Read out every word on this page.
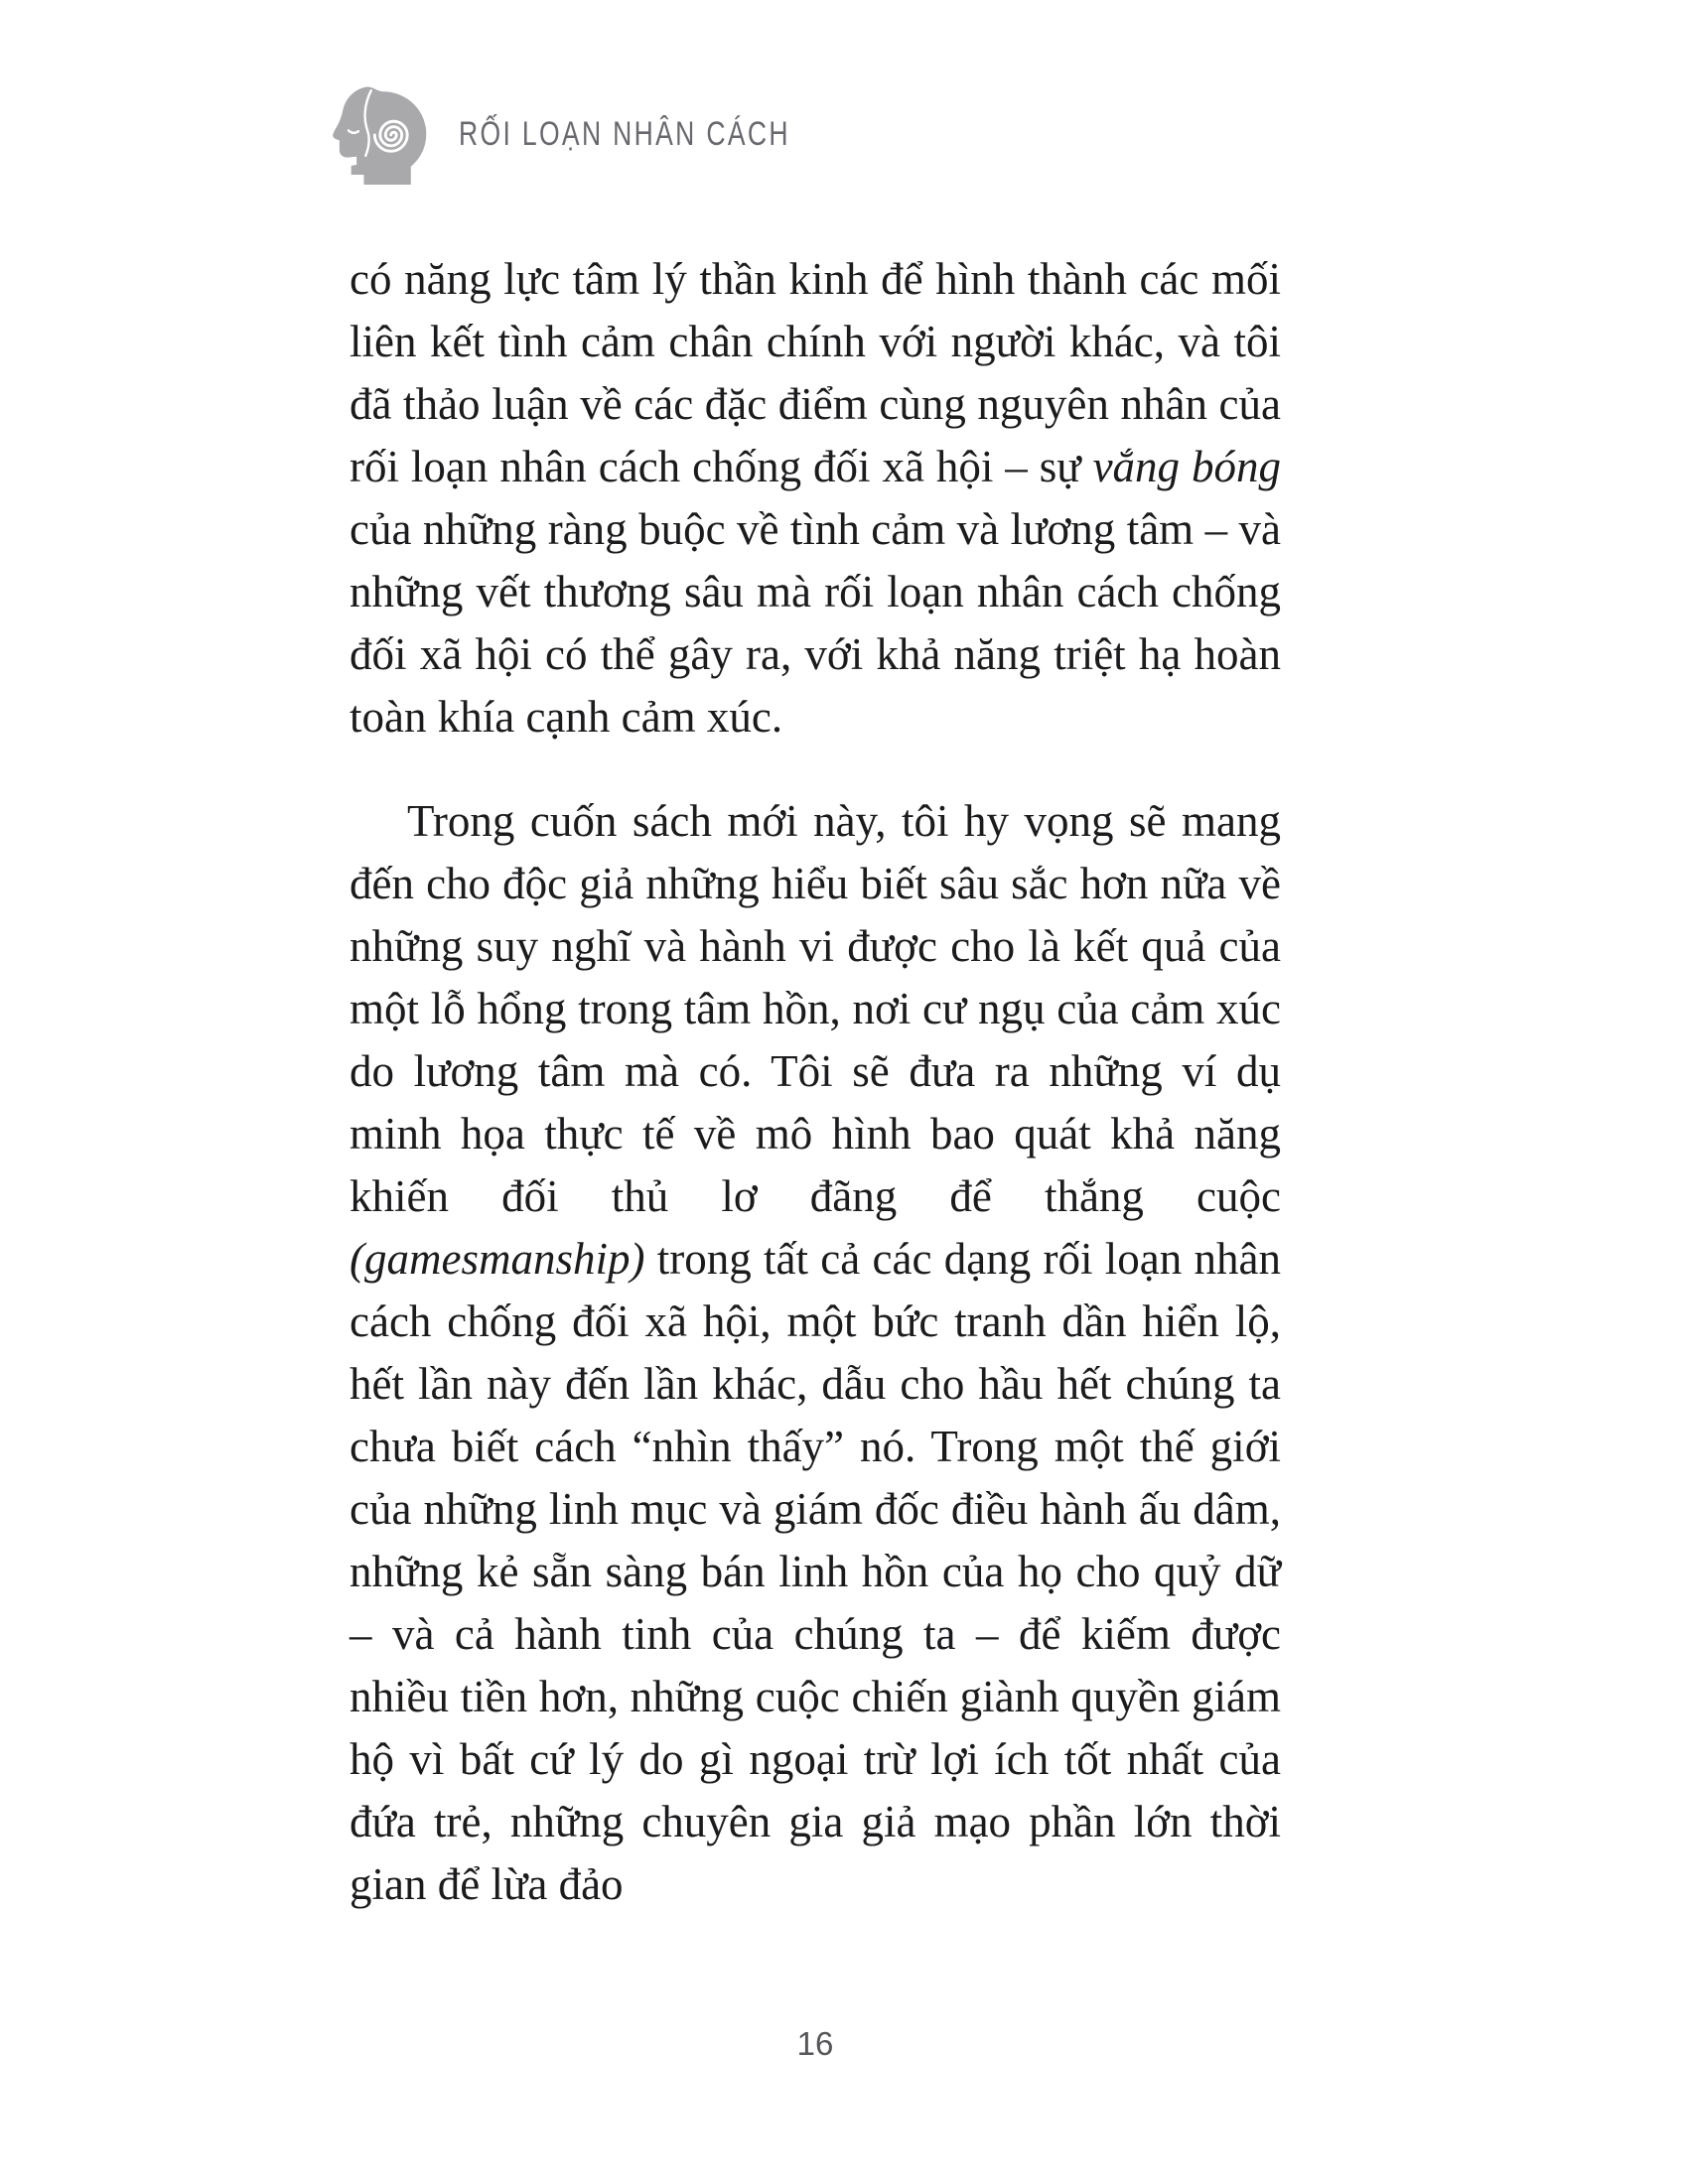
RỐI LOẠN NHÂN CÁCH

có năng lực tâm lý thần kinh để hình thành các mối liên kết tình cảm chân chính với người khác, và tôi đã thảo luận về các đặc điểm cùng nguyên nhân của rối loạn nhân cách chống đối xã hội – sự vắng bóng của những ràng buộc về tình cảm và lương tâm – và những vết thương sâu mà rối loạn nhân cách chống đối xã hội có thể gây ra, với khả năng triệt hạ hoàn toàn khía cạnh cảm xúc.

Trong cuốn sách mới này, tôi hy vọng sẽ mang đến cho độc giả những hiểu biết sâu sắc hơn nữa về những suy nghĩ và hành vi được cho là kết quả của một lỗ hổng trong tâm hồn, nơi cư ngụ của cảm xúc do lương tâm mà có. Tôi sẽ đưa ra những ví dụ minh họa thực tế về mô hình bao quát khả năng khiến đối thủ lơ đãng để thắng cuộc (gamesmanship) trong tất cả các dạng rối loạn nhân cách chống đối xã hội, một bức tranh dần hiển lộ, hết lần này đến lần khác, dẫu cho hầu hết chúng ta chưa biết cách “nhìn thấy” nó. Trong một thế giới của những linh mục và giám đốc điều hành ấu dâm, những kẻ sẵn sàng bán linh hồn của họ cho quỷ dữ – và cả hành tinh của chúng ta – để kiếm được nhiều tiền hơn, những cuộc chiến giành quyền giám hộ vì bất cứ lý do gì ngoại trừ lợi ích tốt nhất của đứa trẻ, những chuyên gia giả mạo phần lớn thời gian để lừa đảo

16
